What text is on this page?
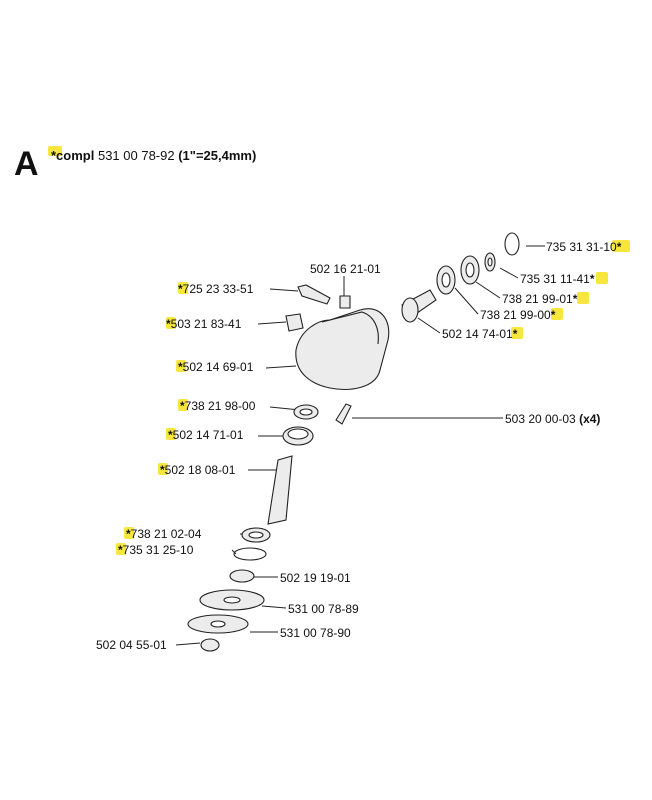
A *compl 531 00 78-92 (1"=25,4mm)
735 31 31-10*
735 31 11-41*
738 21 99-01*
738 21 99-00*
502 14 74-01*
502 16 21-01
*725 23 33-51
*503 21 83-41
*502 14 69-01
*738 21 98-00
503 20 00-03 (x4)
*502 14 71-01
*502 18 08-01
*738 21 02-04
*735 31 25-10
502 19 19-01
531 00 78-89
531 00 78-90
502 04 55-01
